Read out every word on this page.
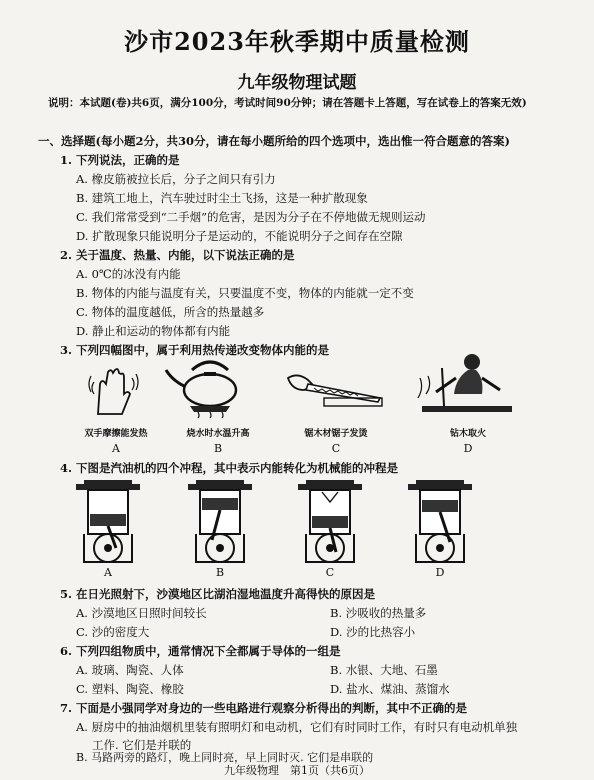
沙市2023年秋季期中质量检测
九年级物理试题
说明：本试题(卷)共6页，满分100分，考试时间90分钟；请在答题卡上答题，写在试卷上的答案无效)
一、选择题(每小题2分，共30分，请在每小题所给的四个选项中，选出惟一符合题意的答案)
1. 下列说法，正确的是
A. 橡皮筋被拉长后，分子之间只有引力
B. 建筑工地上，汽车驶过时尘土飞扬，这是一种扩散现象
C. 我们常常受到“二手烟”的危害，是因为分子在不停地做无规则运动
D. 扩散现象只能说明分子是运动的，不能说明分子之间存在空隙
2. 关于温度、热量、内能，以下说法正确的是
A. 0℃的冰没有内能
B. 物体的内能与温度有关，只要温度不变，物体的内能就一定不变
C. 物体的温度越低，所含的热量越多
D. 静止和运动的物体都有内能
3. 下列四幅图中，属于利用热传递改变物体内能的是
双手摩擦能发热	烧水时水温升高	锯木材锯子发烫	钻木取火
A	B	C	D
4. 下图是汽油机的四个冲程，其中表示内能转化为机械能的冲程是
A	B	C	D
5. 在日光照射下，沙漠地区比湖泊湿地温度升高得快的原因是
A. 沙漠地区日照时间较长	B. 沙吸收的热量多
C. 沙的密度大	D. 沙的比热容小
6. 下列四组物质中，通常情况下全都属于导体的一组是
A. 玻璃、陶瓷、人体	B. 水银、大地、石墨
C. 塑料、陶瓷、橡胶	D. 盐水、煤油、蒸馏水
7. 下面是小强同学对身边的一些电路进行观察分析得出的判断，其中不正确的是
A. 厨房中的抽油烟机里装有照明灯和电动机，它们有时同时工作，有时只有电动机单独
工作. 它们是并联的
B. 马路两旁的路灯，晚上同时亮，早上同时灭. 它们是串联的
九年级物理　第1页（共6页）
